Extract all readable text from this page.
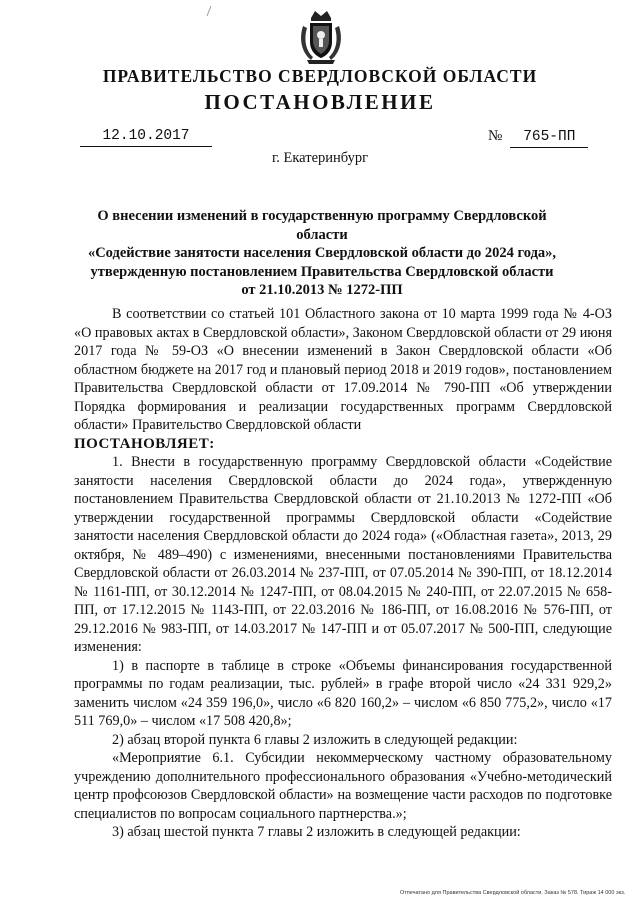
ПРАВИТЕЛЬСТВО СВЕРДЛОВСКОЙ ОБЛАСТИ
ПОСТАНОВЛЕНИЕ
12.10.2017	№ 765-ПП
г. Екатеринбург
О внесении изменений в государственную программу Свердловской области
«Содействие занятости населения Свердловской области до 2024 года»,
утвержденную постановлением Правительства Свердловской области
от 21.10.2013 № 1272-ПП

В соответствии со статьей 101 Областного закона от 10 марта 1999 года № 4-ОЗ «О правовых актах в Свердловской области», Законом Свердловской области от 29 июня 2017 года № 59-ОЗ «О внесении изменений в Закон Свердловской области «Об областном бюджете на 2017 год и плановый период 2018 и 2019 годов», постановлением Правительства Свердловской области от 17.09.2014 № 790-ПП «Об утверждении Порядка формирования и реализации государственных программ Свердловской области» Правительство Свердловской области

ПОСТАНОВЛЯЕТ:

1. Внести в государственную программу Свердловской области «Содействие занятости населения Свердловской области до 2024 года», утвержденную постановлением Правительства Свердловской области от 21.10.2013 № 1272-ПП «Об утверждении государственной программы Свердловской области «Содействие занятости населения Свердловской области до 2024 года» («Областная газета», 2013, 29 октября, № 489–490) с изменениями, внесенными постановлениями Правительства Свердловской области от 26.03.2014 № 237-ПП, от 07.05.2014 № 390-ПП, от 18.12.2014 № 1161-ПП, от 30.12.2014 № 1247-ПП, от 08.04.2015 № 240-ПП, от 22.07.2015 № 658-ПП, от 17.12.2015 № 1143-ПП, от 22.03.2016 № 186-ПП, от 16.08.2016 № 576-ПП, от 29.12.2016 № 983-ПП, от 14.03.2017 № 147-ПП и от 05.07.2017 № 500-ПП, следующие изменения:

1) в паспорте в таблице в строке «Объемы финансирования государственной программы по годам реализации, тыс. рублей» в графе второй число «24 331 929,2» заменить числом «24 359 196,0», число «6 820 160,2» – числом «6 850 775,2», число «17 511 769,0» – числом «17 508 420,8»;

2) абзац второй пункта 6 главы 2 изложить в следующей редакции:

«Мероприятие 6.1. Субсидии некоммерческому частному образовательному учреждению дополнительного профессионального образования «Учебно-методический центр профсоюзов Свердловской области» на возмещение части расходов по подготовке специалистов по вопросам социального партнерства.»;

3) абзац шестой пункта 7 главы 2 изложить в следующей редакции:

Отпечатано для Правительства Свердловской области. Заказ № 578. Тираж 14 000 экз.
